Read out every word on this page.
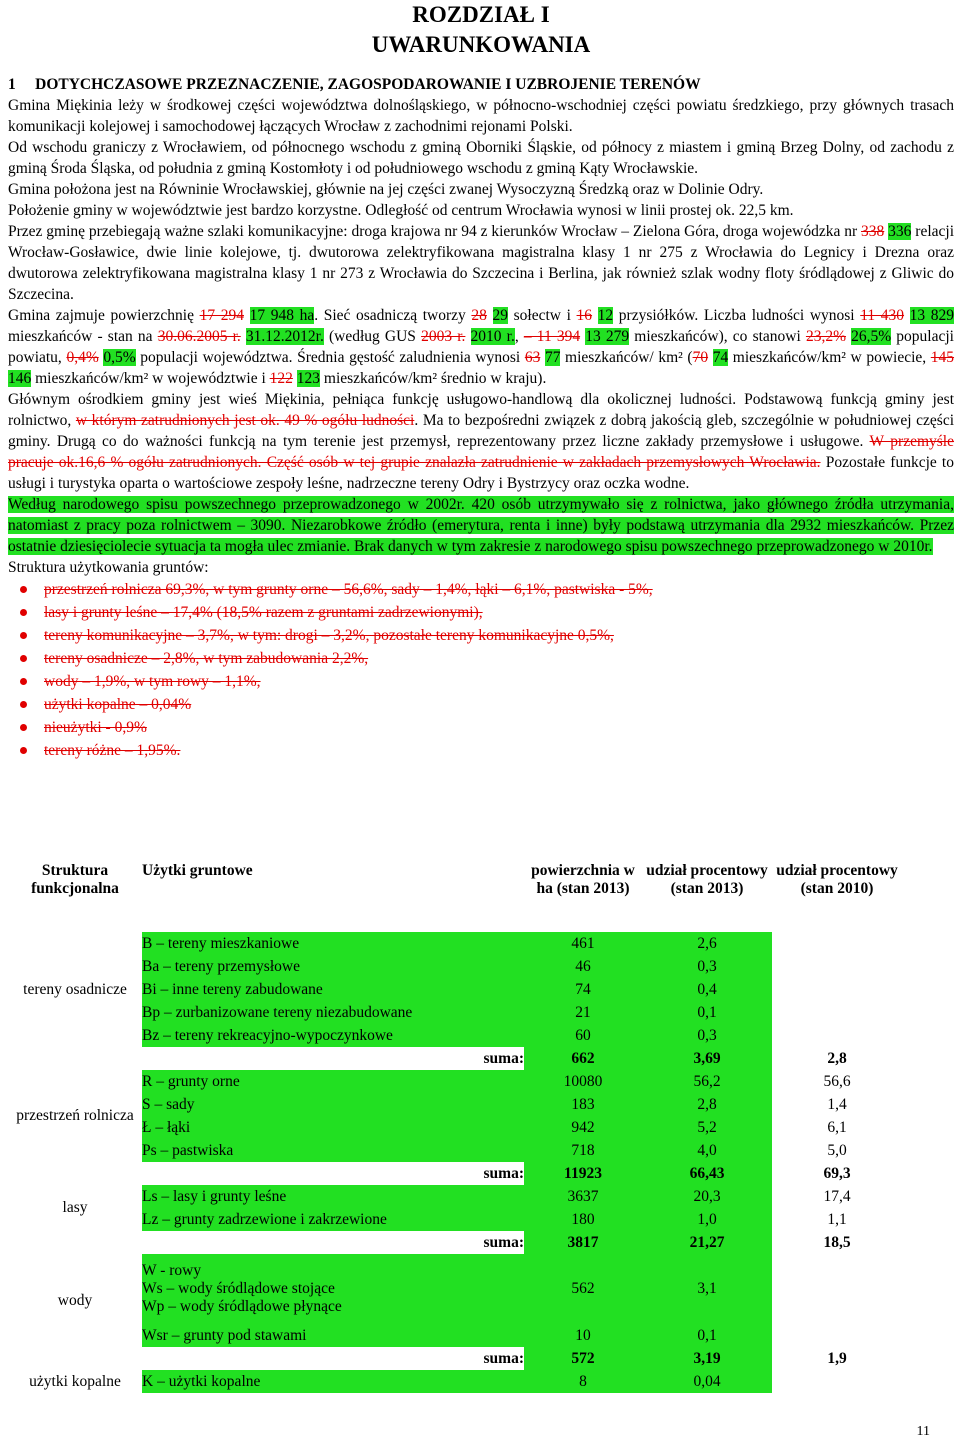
ROZDZIAŁ I
UWARUNKOWANIA
1     DOTYCHCZASOWE PRZEZNACZENIE, ZAGOSPODAROWANIE I UZBROJENIE TERENÓW

Gmina Miękinia leży w środkowej części województwa dolnośląskiego, w północno-wschodniej części powiatu średzkiego, przy głównych trasach komunikacji kolejowej i samochodowej łączących Wrocław z zachodnimi rejonami Polski.

Od wschodu graniczy z Wrocławiem, od północnego wschodu z gminą Oborniki Śląskie, od północy z miastem i gminą Brzeg Dolny, od zachodu z gminą Środa Śląska, od południa z gminą Kostomłoty i od południowego wschodu z gminą Kąty Wrocławskie.

Gmina położona jest na Równinie Wrocławskiej, głównie na jej części zwanej Wysoczyzną Średzką oraz w Dolinie Odry.

Położenie gminy w województwie jest bardzo korzystne. Odległość od centrum Wrocławia wynosi w linii prostej ok. 22,5 km.

Przez gminę przebiegają ważne szlaki komunikacyjne: droga krajowa nr 94 z kierunków Wrocław – Zielona Góra, droga wojewódzka nr 338 336 relacji Wrocław-Gosławice, dwie linie kolejowe, tj. dwutorowa zelektryfikowana magistralna klasy 1 nr 275 z Wrocławia do Legnicy i Drezna oraz dwutorowa zelektryfikowana magistralna klasy 1 nr 273 z Wrocławia do Szczecina i Berlina, jak również szlak wodny floty śródlądowej z Gliwic do Szczecina.

Gmina zajmuje powierzchnię 17 294 17 948 ha. Sieć osadniczą tworzy 28 29 sołectw i 16 12 przysiółków. Liczba ludności wynosi 11 430 13 829 mieszkańców - stan na 30.06.2005 r. 31.12.2012r. (według GUS 2003 r. 2010 r., – 11 394 13 279 mieszkańców), co stanowi 23,2% 26,5% populacji powiatu, 0,4% 0,5% populacji województwa. Średnia gęstość zaludnienia wynosi 63 77 mieszkańców/ km² (70 74 mieszkańców/km² w powiecie, 145 146 mieszkańców/km² w województwie i 122 123 mieszkańców/km² średnio w kraju).

Głównym ośrodkiem gminy jest wieś Miękinia, pełniąca funkcję usługowo-handlową dla okolicznej ludności. Podstawową funkcją gminy jest rolnictwo, w którym zatrudnionych jest ok. 49 % ogółu ludności. Ma to bezpośredni związek z dobrą jakością gleb, szczególnie w południowej części gminy. Drugą co do ważności funkcją na tym terenie jest przemysł, reprezentowany przez liczne zakłady przemysłowe i usługowe. W przemyśle pracuje ok.16,6 % ogółu zatrudnionych. Część osób w tej grupie znalazła zatrudnienie w zakładach przemysłowych Wrocławia. Pozostałe funkcje to usługi i turystyka oparta o wartościowe zespoły leśne, nadrzeczne tereny Odry i Bystrzycy oraz oczka wodne.

Według narodowego spisu powszechnego przeprowadzonego w 2002r. 420 osób utrzymywało się z rolnictwa, jako głównego źródła utrzymania, natomiast z pracy poza rolnictwem – 3090. Niezarobkowe źródło (emerytura, renta i inne) były podstawą utrzymania dla 2932 mieszkańców. Przez ostatnie dziesięciolecie sytuacja ta mogła ulec zmianie. Brak danych w tym zakresie z narodowego spisu powszechnego przeprowadzonego w 2010r.

Struktura użytkowania gruntów:
przestrzeń rolnicza 69,3%, w tym grunty orne – 56,6%, sady – 1,4%, łąki – 6,1%, pastwiska - 5%,
lasy i grunty leśne – 17,4% (18,5% razem z gruntami zadrzewionymi),
tereny komunikacyjne – 3,7%, w tym: drogi – 3,2%, pozostałe tereny komunikacyjne 0,5%,
tereny osadnicze – 2,8%, w tym zabudowania 2,2%,
wody – 1,9%, w tym rowy – 1,1%,
użytki kopalne – 0,04%
nieużytki - 0,9%
tereny różne – 1,95%.
Struktura funkcjonalna	Użytki gruntowe	powierzchnia w ha (stan 2013)	udział procentowy (stan 2013)	udział procentowy (stan 2010)
tereny osadnicze	B – tereny mieszkaniowe	461	2,6	
	Ba – tereny przemysłowe	46	0,3	
	Bi – inne tereny zabudowane	74	0,4	
	Bp – zurbanizowane tereny niezabudowane	21	0,1	
	Bz – tereny rekreacyjno-wypoczynkowe	60	0,3	
	suma:	662	3,69	2,8
przestrzeń rolnicza	R – grunty orne	10080	56,2	56,6
	S – sady	183	2,8	1,4
	Ł – łąki	942	5,2	6,1
	Ps – pastwiska	718	4,0	5,0
	suma:	11923	66,43	69,3
lasy	Ls – lasy i grunty leśne	3637	20,3	17,4
	Lz – grunty zadrzewione i zakrzewione	180	1,0	1,1
	suma:	3817	21,27	18,5
wody	W - rowy
Ws – wody śródlądowe stojące
Wp – wody śródlądowe płynące	562	3,1	
	Wsr – grunty pod stawami	10	0,1	
	suma:	572	3,19	1,9
użytki kopalne	K – użytki kopalne	8	0,04	
11
